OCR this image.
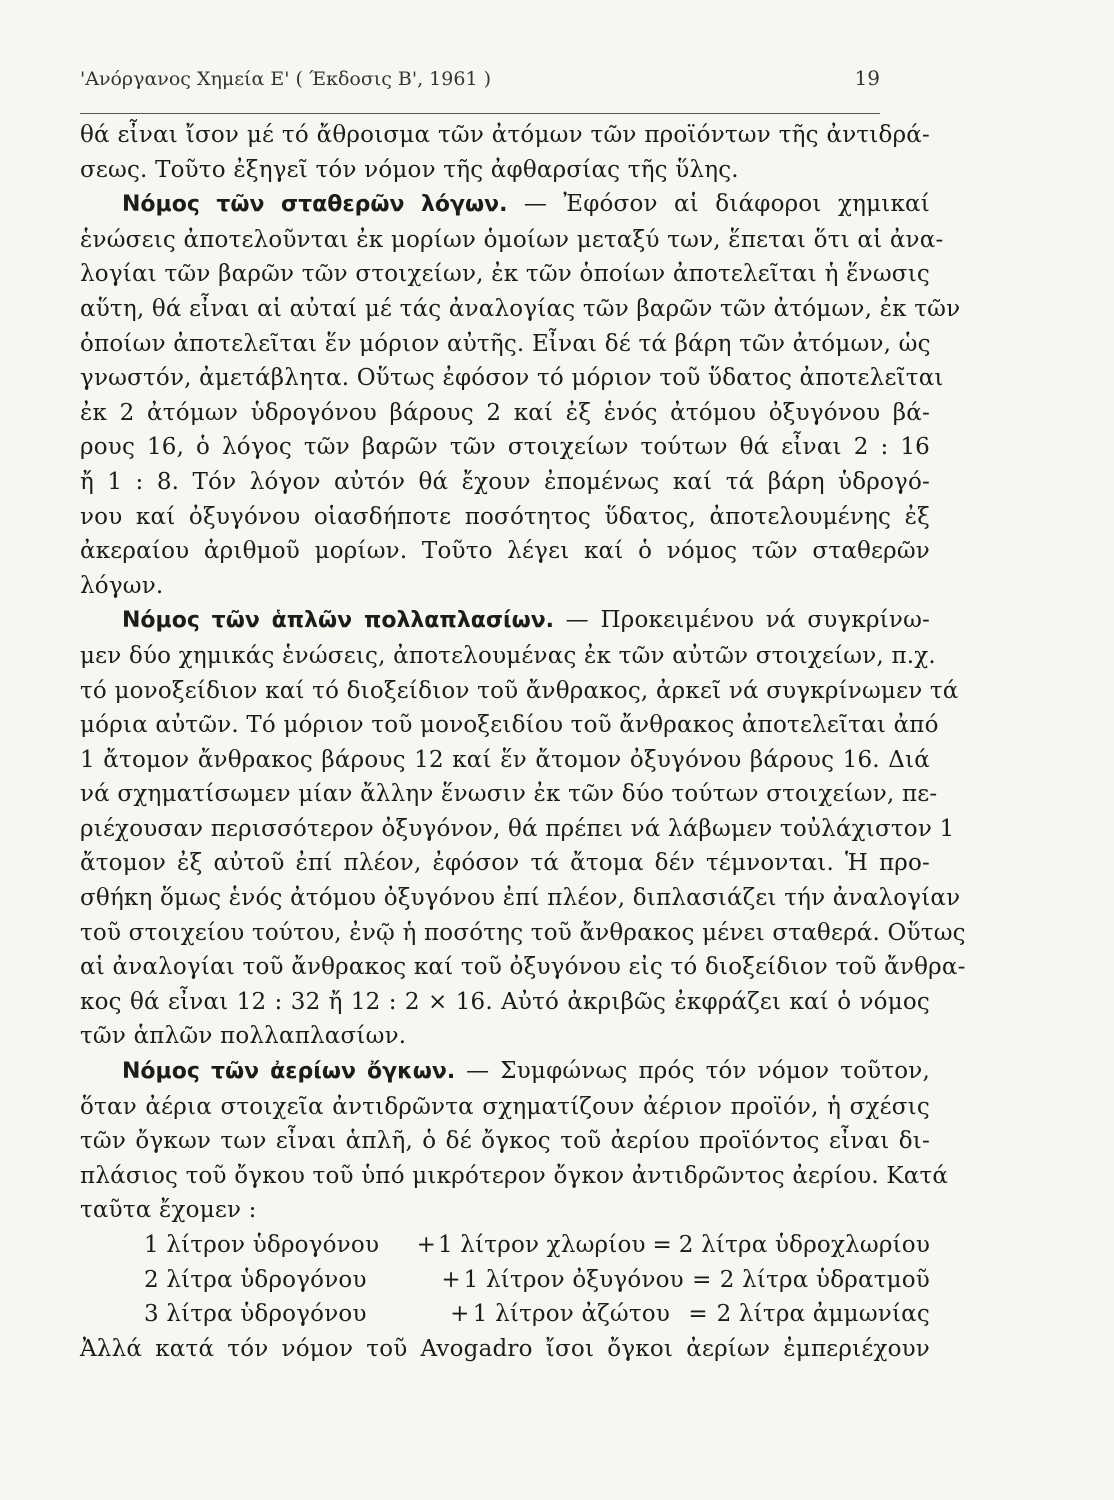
'Ανόργανος Χημεία Ε' ( Έκδοσις Β', 1961 )	19
θά εἶναι ἴσον μέ τό ἄθροισμα τῶν ἀτόμων τῶν προϊόντων τῆς ἀντιδρά-
σεως. Τοῦτο ἐξηγεῖ τόν νόμον τῆς ἀφθαρσίας τῆς ὕλης.
Νόμος τῶν σταθερῶν λόγων. — Ἐφόσον αἱ διάφοροι χημικαί
ἑνώσεις ἀποτελοῦνται ἐκ μορίων ὁμοίων μεταξύ των, ἕπεται ὅτι αἱ ἀνα-
λογίαι τῶν βαρῶν τῶν στοιχείων, ἐκ τῶν ὁποίων ἀποτελεῖται ἡ ἕνωσις
αὕτη, θά εἶναι αἱ αὐταί μέ τάς ἀναλογίας τῶν βαρῶν τῶν ἀτόμων, ἐκ τῶν
ὁποίων ἀποτελεῖται ἕν μόριον αὐτῆς. Εἶναι δέ τά βάρη τῶν ἀτόμων, ὡς
γνωστόν, ἀμετάβλητα. Οὕτως ἐφόσον τό μόριον τοῦ ὕδατος ἀποτελεῖται
ἐκ 2 ἀτόμων ὑδρογόνου βάρους 2 καί ἐξ ἑνός ἀτόμου ὀξυγόνου βά-
ρους 16, ὁ λόγος τῶν βαρῶν τῶν στοιχείων τούτων θά εἶναι 2 : 16
ἤ 1 : 8. Τόν λόγον αὐτόν θά ἔχουν ἐπομένως καί τά βάρη ὑδρογό-
νου καί ὀξυγόνου οἱασδήποτε ποσότητος ὕδατος, ἀποτελουμένης ἐξ
ἀκεραίου ἀριθμοῦ μορίων. Τοῦτο λέγει καί ὁ νόμος τῶν σταθερῶν
λόγων.
Νόμος τῶν ἁπλῶν πολλαπλασίων. — Προκειμένου νά συγκρίνω-
μεν δύο χημικάς ἑνώσεις, ἀποτελουμένας ἐκ τῶν αὐτῶν στοιχείων, π.χ.
τό μονοξείδιον καί τό διοξείδιον τοῦ ἄνθρακος, ἀρκεῖ νά συγκρίνωμεν τά
μόρια αὐτῶν. Τό μόριον τοῦ μονοξειδίου τοῦ ἄνθρακος ἀποτελεῖται ἀπό
1 ἄτομον ἄνθρακος βάρους 12 καί ἕν ἄτομον ὀξυγόνου βάρους 16. Διά
νά σχηματίσωμεν μίαν ἄλλην ἕνωσιν ἐκ τῶν δύο τούτων στοιχείων, πε-
ριέχουσαν περισσότερον ὀξυγόνον, θά πρέπει νά λάβωμεν τοὐλάχιστον 1
ἄτομον ἐξ αὐτοῦ ἐπί πλέον, ἐφόσον τά ἄτομα δέν τέμνονται. Ἡ προ-
σθήκη ὅμως ἑνός ἀτόμου ὀξυγόνου ἐπί πλέον, διπλασιάζει τήν ἀναλογίαν
τοῦ στοιχείου τούτου, ἐνῷ ἡ ποσότης τοῦ ἄνθρακος μένει σταθερά. Οὕτως
αἱ ἀναλογίαι τοῦ ἄνθρακος καί τοῦ ὀξυγόνου εἰς τό διοξείδιον τοῦ ἄνθρα-
κος θά εἶναι 12 : 32 ἤ 12 : 2 × 16. Αὐτό ἀκριβῶς ἐκφράζει καί ὁ νόμος
τῶν ἁπλῶν πολλαπλασίων.
Νόμος τῶν ἀερίων ὄγκων. — Συμφώνως πρός τόν νόμον τοῦτον,
ὅταν ἀέρια στοιχεῖα ἀντιδρῶντα σχηματίζουν ἀέριον προϊόν, ἡ σχέσις
τῶν ὄγκων των εἶναι ἁπλῆ, ὁ δέ ὄγκος τοῦ ἀερίου προϊόντος εἶναι δι-
πλάσιος τοῦ ὄγκου τοῦ ὑπό μικρότερον ὄγκον ἀντιδρῶντος ἀερίου. Κατά
ταῦτα ἔχομεν :
1 λίτρον ὑδρογόνου	+ 1 λίτρον χλωρίου = 2 λίτρα ὑδροχλωρίου
2 λίτρα ὑδρογόνου	+ 1 λίτρον ὀξυγόνου = 2 λίτρα ὑδρατμοῦ
3 λίτρα ὑδρογόνου	+ 1 λίτρον ἀζώτου = 2 λίτρα ἀμμωνίας
Ἀλλά κατά τόν νόμον τοῦ Avogadro ἴσοι ὄγκοι ἀερίων ἐμπεριέχουν
